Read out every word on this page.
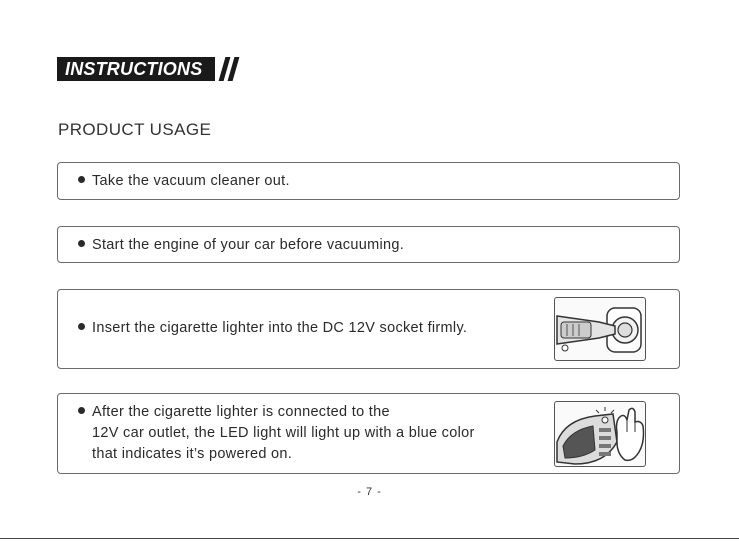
INSTRUCTIONS
PRODUCT USAGE
Take the vacuum cleaner out.
Start the engine of your car before vacuuming.
Insert the cigarette lighter into the DC 12V socket firmly.
After the cigarette lighter is connected to the
12V car outlet, the LED light will light up with a blue color
that indicates it’s powered on.
- 7 -
